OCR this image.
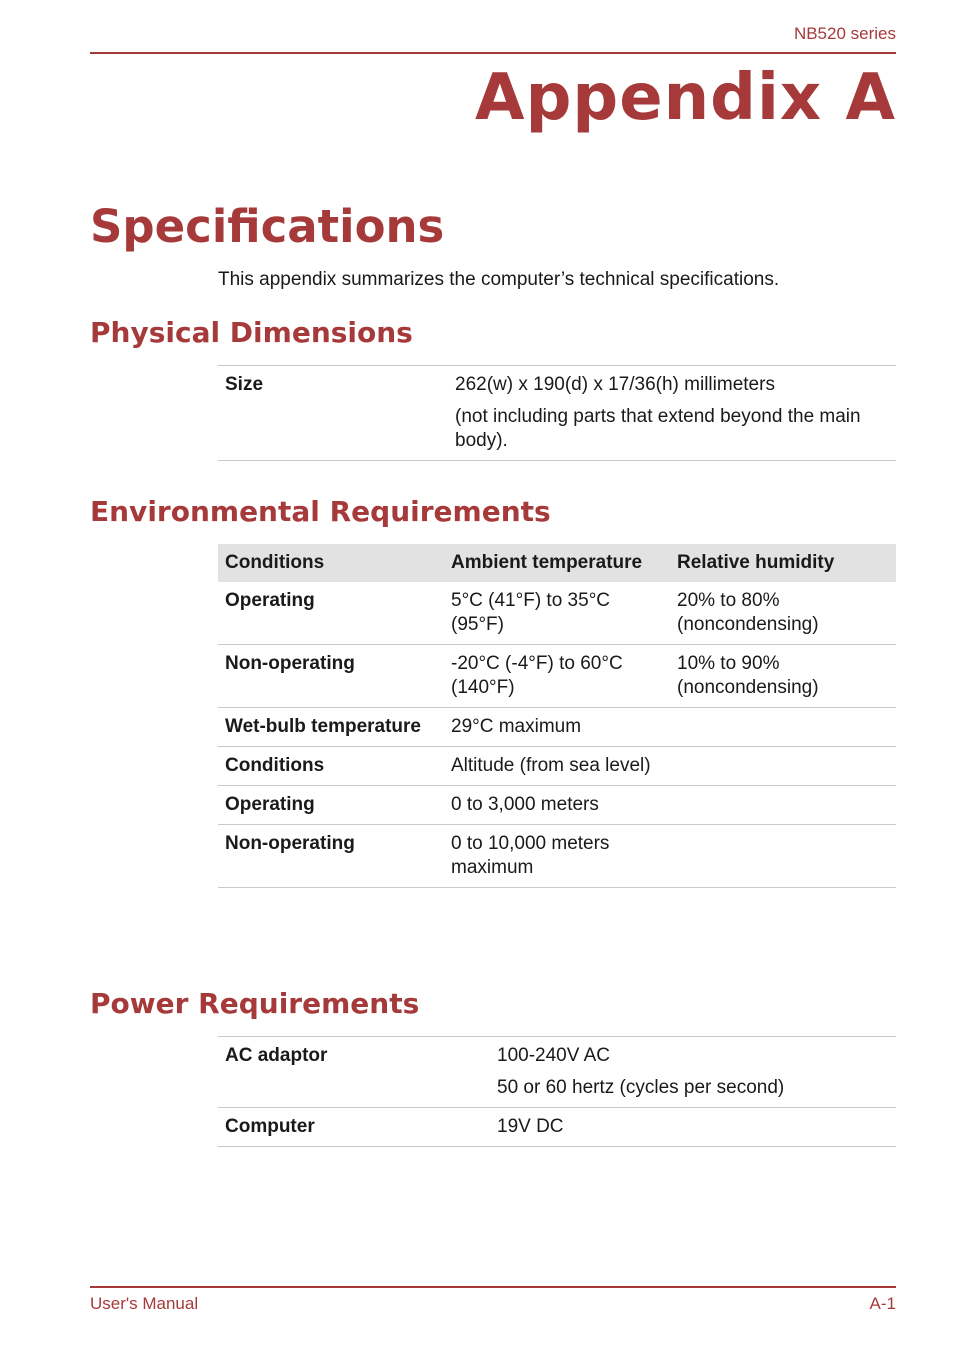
NB520 series
Appendix A
Specifications

This appendix summarizes the computer’s technical specifications.

Physical Dimensions
Size	262(w) x 190(d) x 17/36(h) millimeters
(not including parts that extend beyond the main body).
Environmental Requirements
Conditions	Ambient temperature	Relative humidity
Operating	5°C (41°F) to 35°C (95°F)	20% to 80% (noncondensing)
Non-operating	-20°C (-4°F) to 60°C (140°F)	10% to 90% (noncondensing)
Wet-bulb temperature	29°C maximum	
Conditions	Altitude (from sea level)	
Operating	0 to 3,000 meters	
Non-operating	0 to 10,000 meters maximum	
Power Requirements
AC adaptor	100-240V AC
50 or 60 hertz (cycles per second)

Computer	19V DC
User's Manual	A-1
